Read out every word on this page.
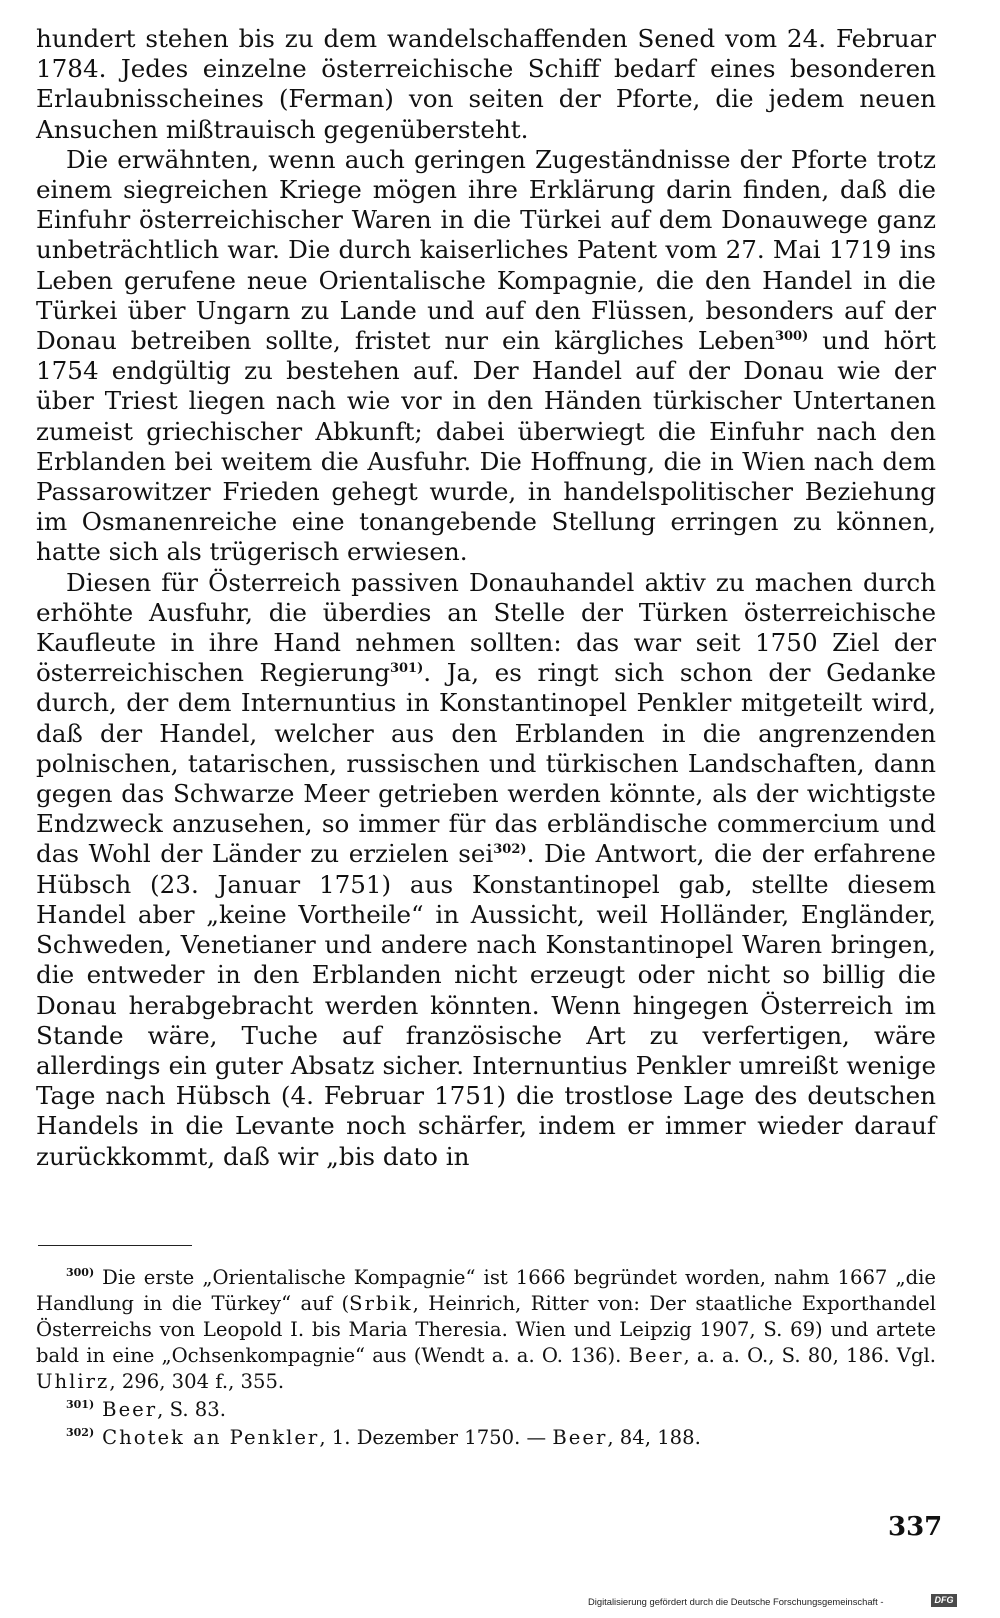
hundert stehen bis zu dem wandelschaffenden Sened vom 24. Februar 1784. Jedes einzelne österreichische Schiff bedarf eines besonderen Erlaubnisscheines (Ferman) von seiten der Pforte, die jedem neuen Ansuchen mißtrauisch gegenübersteht.

Die erwähnten, wenn auch geringen Zugeständnisse der Pforte trotz einem siegreichen Kriege mögen ihre Erklärung darin finden, daß die Einfuhr österreichischer Waren in die Türkei auf dem Donauwege ganz unbeträchtlich war. Die durch kaiserliches Patent vom 27. Mai 1719 ins Leben gerufene neue Orientalische Kompagnie, die den Handel in die Türkei über Ungarn zu Lande und auf den Flüssen, besonders auf der Donau betreiben sollte, fristet nur ein kärgliches Leben$^{300)}$ und hört 1754 endgültig zu bestehen auf. Der Handel auf der Donau wie der über Triest liegen nach wie vor in den Händen türkischer Untertanen zumeist griechischer Abkunft; dabei überwiegt die Einfuhr nach den Erblanden bei weitem die Ausfuhr. Die Hoffnung, die in Wien nach dem Passarowitzer Frieden gehegt wurde, in handelspolitischer Beziehung im Osmanenreiche eine tonangebende Stellung erringen zu können, hatte sich als trügerisch erwiesen.

Diesen für Österreich passiven Donauhandel aktiv zu machen durch erhöhte Ausfuhr, die überdies an Stelle der Türken österreichische Kaufleute in ihre Hand nehmen sollten: das war seit 1750 Ziel der österreichischen Regierung$^{301)}$. Ja, es ringt sich schon der Gedanke durch, der dem Internuntius in Konstantinopel Penkler mitgeteilt wird, daß der Handel, welcher aus den Erblanden in die angrenzenden polnischen, tatarischen, russischen und türkischen Landschaften, dann gegen das Schwarze Meer getrieben werden könnte, als der wichtigste Endzweck anzusehen, so immer für das erbländische commercium und das Wohl der Länder zu erzielen sei$^{302)}$. Die Antwort, die der erfahrene Hübsch (23. Januar 1751) aus Konstantinopel gab, stellte diesem Handel aber „keine Vortheile“ in Aussicht, weil Holländer, Engländer, Schweden, Venetianer und andere nach Konstantinopel Waren bringen, die entweder in den Erblanden nicht erzeugt oder nicht so billig die Donau herabgebracht werden könnten. Wenn hingegen Österreich im Stande wäre, Tuche auf französische Art zu verfertigen, wäre allerdings ein guter Absatz sicher. Internuntius Penkler umreißt wenige Tage nach Hübsch (4. Februar 1751) die trostlose Lage des deutschen Handels in die Levante noch schärfer, indem er immer wieder darauf zurückkommt, daß wir „bis dato in

$^{300)}$ Die erste „Orientalische Kompagnie“ ist 1666 begründet worden, nahm 1667 „die Handlung in die Türkey“ auf (Srbik, Heinrich, Ritter von: Der staatliche Exporthandel Österreichs von Leopold I. bis Maria Theresia. Wien und Leipzig 1907, S. 69) und artete bald in eine „Ochsenkompagnie“ aus (Wendt a. a. O. 136). Beer, a. a. O., S. 80, 186. Vgl. Uhlirz, 296, 304 f., 355.

$^{301)}$ Beer, S. 83.

$^{302)}$ Chotek an Penkler, 1. Dezember 1750. — Beer, 84, 188.

337
Digitalisierung gefördert durch die Deutsche Forschungsgemeinschaft -	DFG
